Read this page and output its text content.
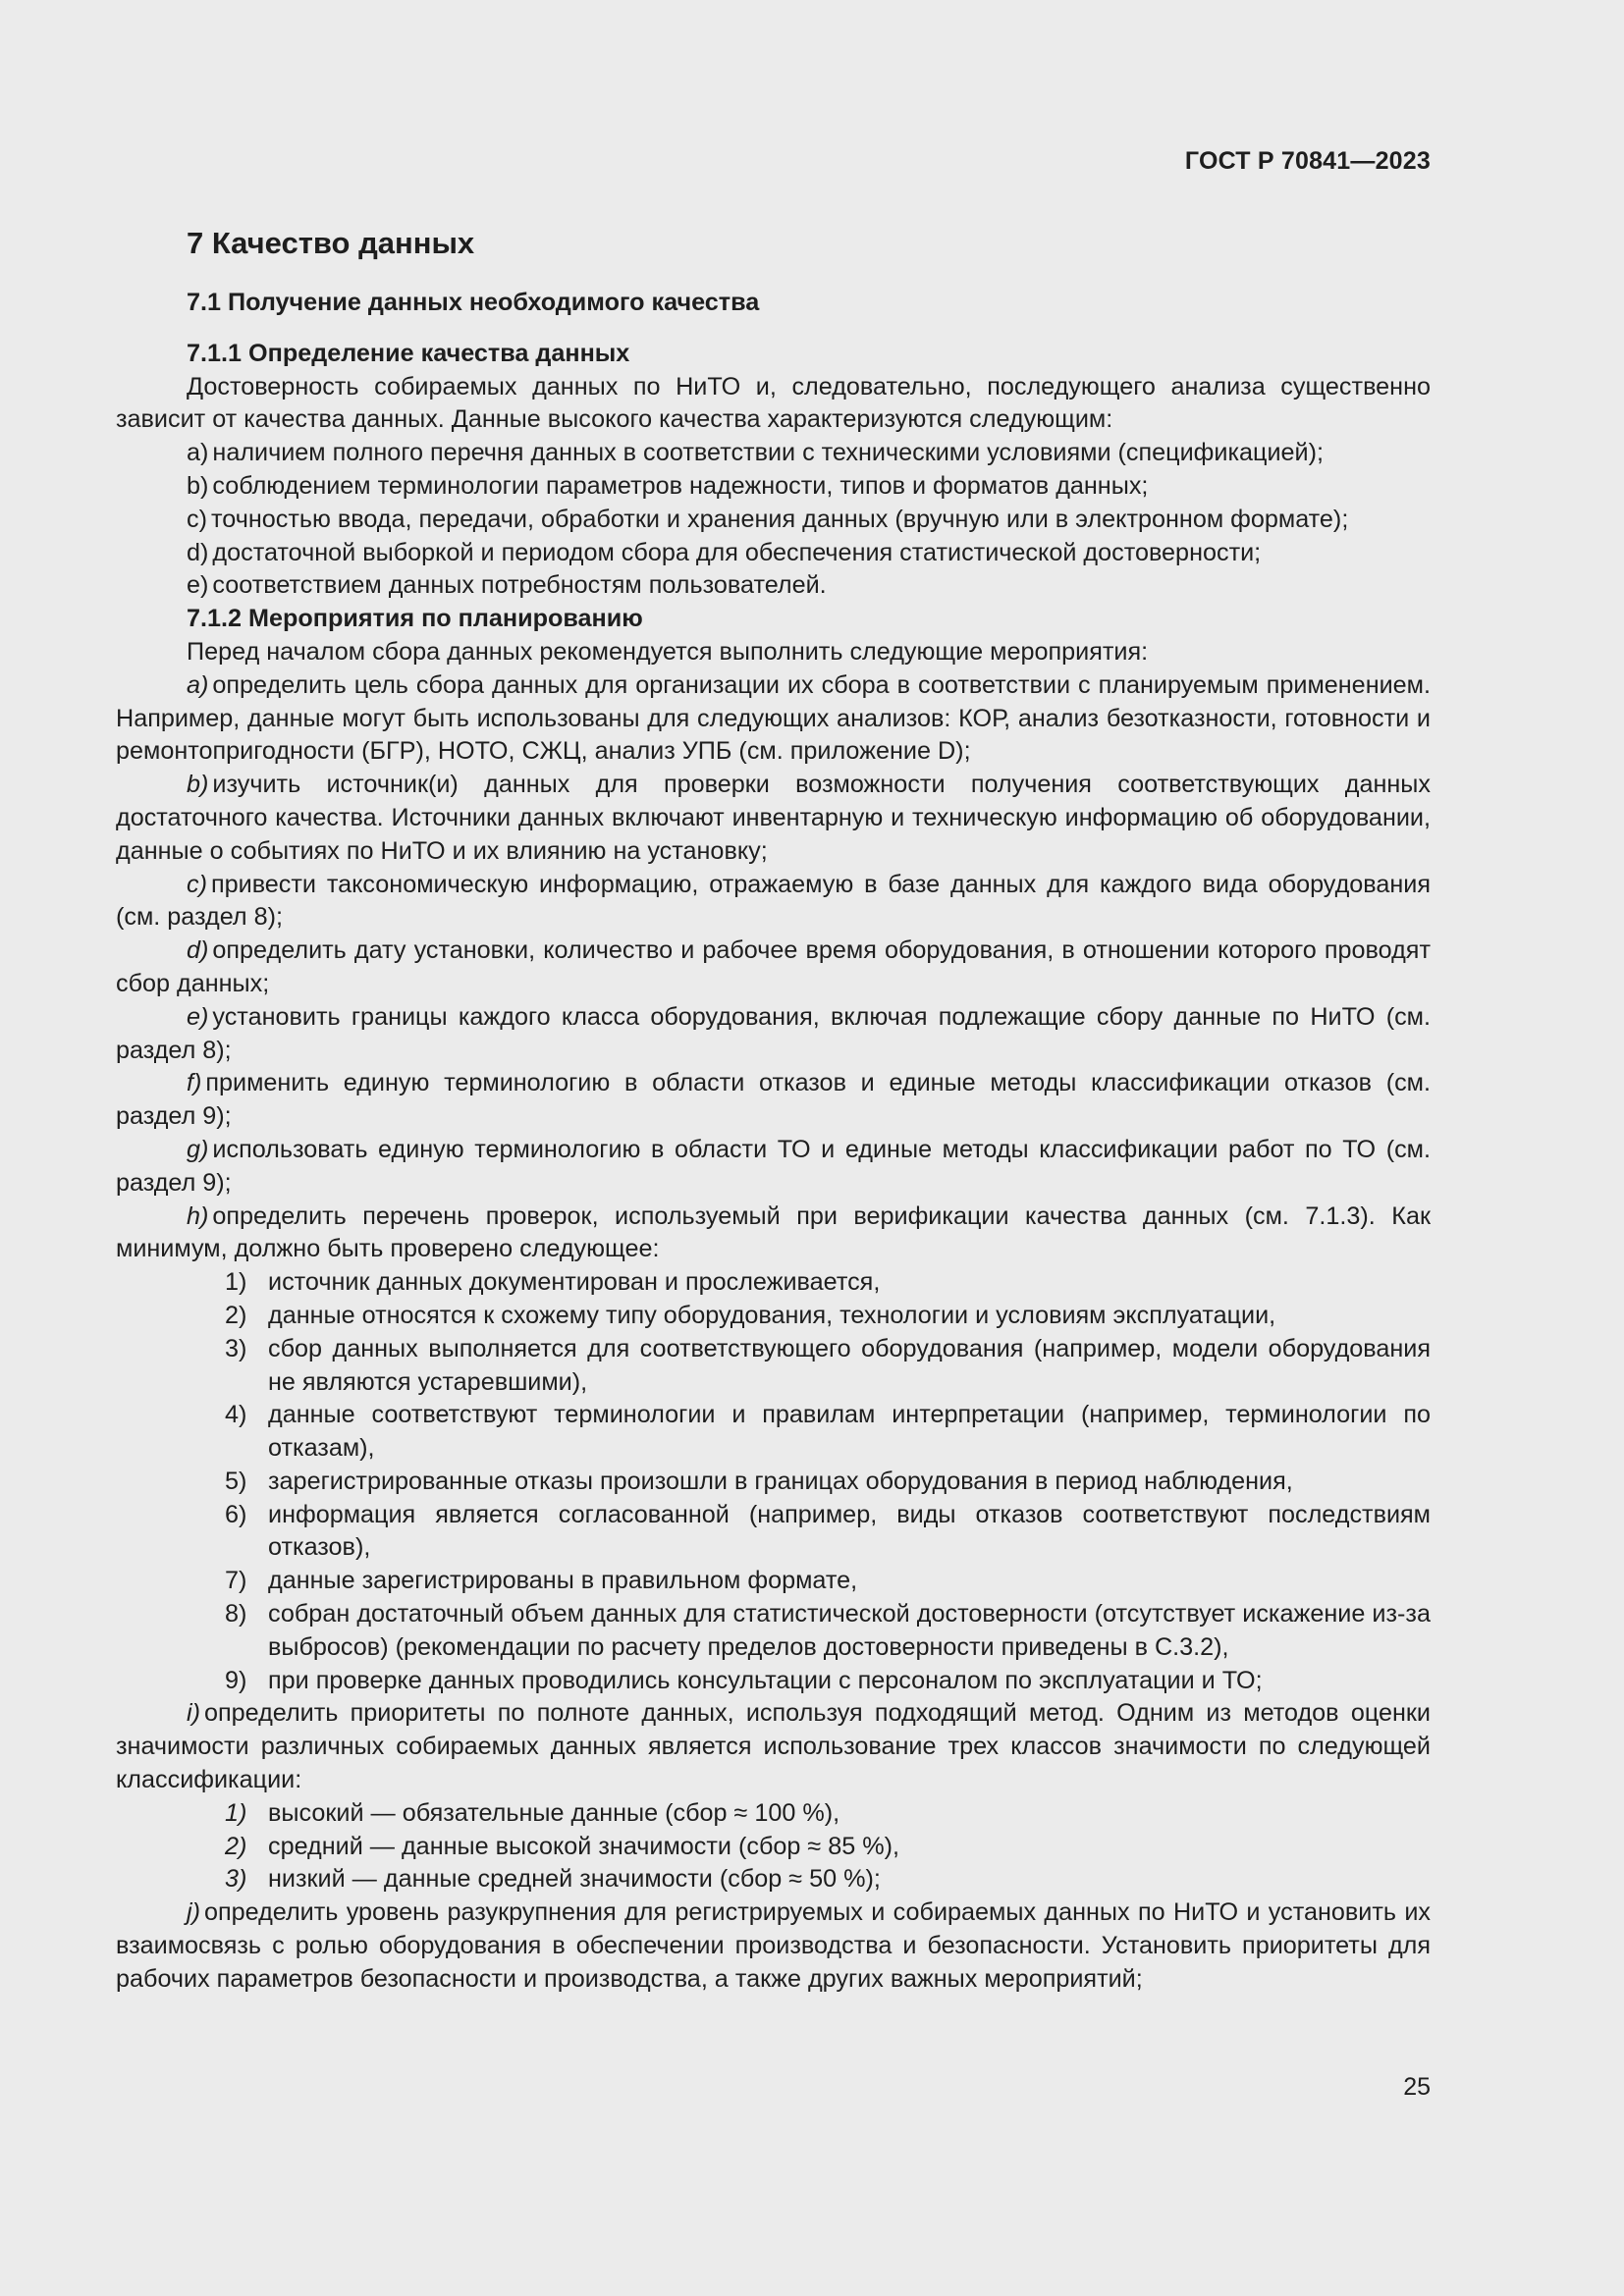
ГОСТ Р 70841—2023

7 Качество данных

7.1 Получение данных необходимого качества

7.1.1 Определение качества данных

Достоверность собираемых данных по НиТО и, следовательно, последующего анализа существенно зависит от качества данных. Данные высокого качества характеризуются следующим:

а) наличием полного перечня данных в соответствии с техническими условиями (спецификацией);

b) соблюдением терминологии параметров надежности, типов и форматов данных;

с) точностью ввода, передачи, обработки и хранения данных (вручную или в электронном формате);

d) достаточной выборкой и периодом сбора для обеспечения статистической достоверности;

е) соответствием данных потребностям пользователей.

7.1.2 Мероприятия по планированию

Перед началом сбора данных рекомендуется выполнить следующие мероприятия:

а) определить цель сбора данных для организации их сбора в соответствии с планируемым применением. Например, данные могут быть использованы для следующих анализов: КОР, анализ безотказности, готовности и ремонтопригодности (БГР), НОТО, СЖЦ, анализ УПБ (см. приложение D);

b) изучить источник(и) данных для проверки возможности получения соответствующих данных достаточного качества. Источники данных включают инвентарную и техническую информацию об оборудовании, данные о событиях по НиТО и их влиянию на установку;

с) привести таксономическую информацию, отражаемую в базе данных для каждого вида оборудования (см. раздел 8);

d) определить дату установки, количество и рабочее время оборудования, в отношении которого проводят сбор данных;

е) установить границы каждого класса оборудования, включая подлежащие сбору данные по НиТО (см. раздел 8);

f) применить единую терминологию в области отказов и единые методы классификации отказов (см. раздел 9);

g) использовать единую терминологию в области ТО и единые методы классификации работ по ТО (см. раздел 9);

h) определить перечень проверок, используемый при верификации качества данных (см. 7.1.3). Как минимум, должно быть проверено следующее:

1) источник данных документирован и прослеживается,

2) данные относятся к схожему типу оборудования, технологии и условиям эксплуатации,

3) сбор данных выполняется для соответствующего оборудования (например, модели оборудования не являются устаревшими),

4) данные соответствуют терминологии и правилам интерпретации (например, терминологии по отказам),

5) зарегистрированные отказы произошли в границах оборудования в период наблюдения,

6) информация является согласованной (например, виды отказов соответствуют последствиям отказов),

7) данные зарегистрированы в правильном формате,

8) собран достаточный объем данных для статистической достоверности (отсутствует искажение из-за выбросов) (рекомендации по расчету пределов достоверности приведены в С.3.2),

9) при проверке данных проводились консультации с персоналом по эксплуатации и ТО;

i) определить приоритеты по полноте данных, используя подходящий метод. Одним из методов оценки значимости различных собираемых данных является использование трех классов значимости по следующей классификации:

1) высокий — обязательные данные (сбор ≈ 100 %),

2) средний — данные высокой значимости (сбор ≈ 85 %),

3) низкий — данные средней значимости (сбор ≈ 50 %);

j) определить уровень разукрупнения для регистрируемых и собираемых данных по НиТО и установить их взаимосвязь с ролью оборудования в обеспечении производства и безопасности. Установить приоритеты для рабочих параметров безопасности и производства, а также других важных мероприятий;

25
